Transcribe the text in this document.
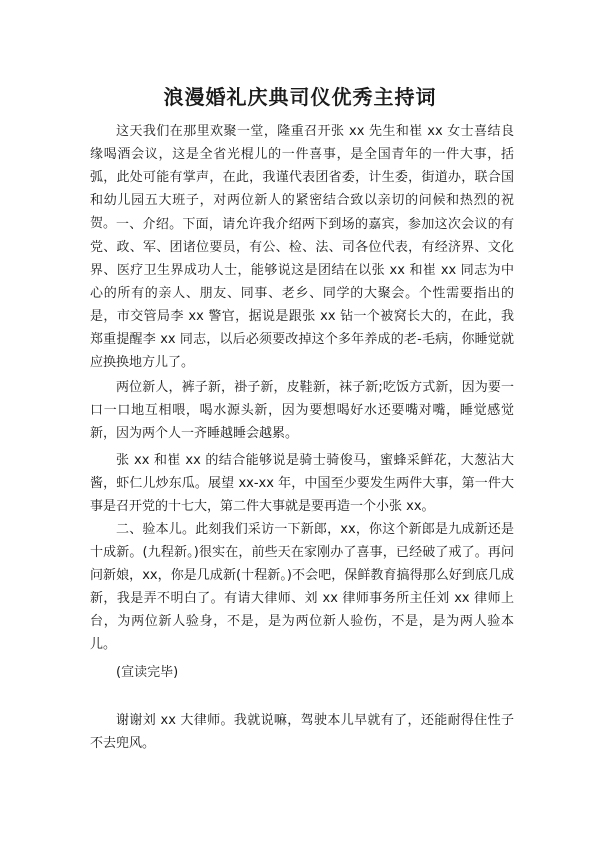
浪漫婚礼庆典司仪优秀主持词

这天我们在那里欢聚一堂，隆重召开张 xx 先生和崔 xx 女士喜结良缘喝酒会议，这是全省光棍儿的一件喜事，是全国青年的一件大事，括弧，此处可能有掌声，在此，我谨代表团省委，计生委，街道办，联合国和幼儿园五大班子，对两位新人的紧密结合致以亲切的问候和热烈的祝贺。 一、介绍。下面，请允许我介绍两下到场的嘉宾，参加这次会议的有党、政、军、团诸位要员，有公、检、法、司各位代表，有经济界、文化界、医疗卫生界成功人士，能够说这是团结在以张 xx 和崔 xx 同志为中心的所有的亲人、朋友、同事、老乡、同学的大聚会。个性需要指出的是，市交管局李 xx 警官，据说是跟张 xx 钻一个被窝长大的，在此，我郑重提醒李 xx 同志，以后必须要改掉这个多年养成的老-毛病，你睡觉就应换换地方儿了。

两位新人，裤子新，褂子新，皮鞋新，袜子新;吃饭方式新，因为要一口一口地互相喂，喝水源头新，因为要想喝好水还要嘴对嘴，睡觉感觉新，因为两个人一齐睡越睡会越累。

张 xx 和崔 xx 的结合能够说是骑士骑俊马，蜜蜂采鲜花，大葱沾大酱，虾仁儿炒东瓜。展望 xx-xx 年，中国至少要发生两件大事，第一件大事是召开党的十七大，第二件大事就是要再造一个小张 xx。

二、验本儿。此刻我们采访一下新郎，xx，你这个新郎是九成新还是十成新。(九程新。)很实在，前些天在家刚办了喜事，已经破了戒了。再问问新娘，xx，你是几成新(十程新。)不会吧，保鲜教育搞得那么好到底几成新，我是弄不明白了。有请大律师、刘 xx 律师事务所主任刘 xx 律师上台，为两位新人验身，不是，是为两位新人验伤，不是，是为两人验本儿。

(宣读完毕)

谢谢刘 xx 大律师。我就说嘛，驾驶本儿早就有了，还能耐得住性子不去兜风。
